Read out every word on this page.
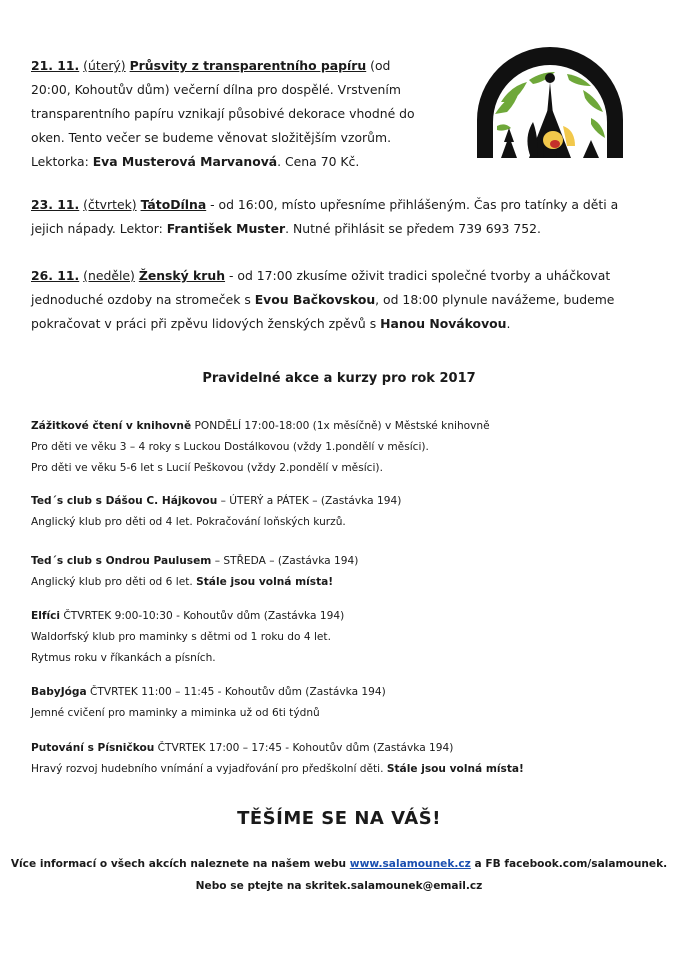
21. 11. (úterý) Průsvity z transparentního papíru (od 20:00, Kohoutův dům) večerní dílna pro dospělé. Vrstvením transparentního papíru vznikají působivé dekorace vhodné do oken. Tento večer se budeme věnovat složitějším vzorům. Lektorka: Eva Musterová Marvanová. Cena 70 Kč.
23. 11. (čtvrtek) TátoDílna - od 16:00, místo upřesníme přihlášeným. Čas pro tatínky a děti a jejich nápady. Lektor: František Muster. Nutné přihlásit se předem 739 693 752.
26. 11. (neděle) Ženský kruh - od 17:00 zkusíme oživit tradici společné tvorby a uháčkovat jednoduché ozdoby na stromeček s Evou Bačkovskou, od 18:00 plynule navážeme, budeme pokračovat v práci při zpěvu lidových ženských zpěvů s Hanou Novákovou.
Pravidelné akce a kurzy pro rok 2017
Zážitkové čtení v knihovně PONDĚLÍ 17:00-18:00 (1x měsíčně) v Městské knihovně
Pro děti ve věku 3 – 4 roky s Luckou Dostálkovou (vždy 1.pondělí v měsíci).
Pro děti ve věku 5-6 let s Lucií Peškovou (vždy 2.pondělí v měsíci).
Ted´s club s Dášou C. Hájkovou – ÚTERÝ a PÁTEK – (Zastávka 194)
Anglický klub pro děti od 4 let. Pokračování loňských kurzů.
Ted´s club s Ondrou Paulusem – STŘEDA – (Zastávka 194)
Anglický klub pro děti od 6 let. Stále jsou volná místa!
Elfíci ČTVRTEK 9:00-10:30 - Kohoutův dům (Zastávka 194)
Waldorfský klub pro maminky s dětmi od 1 roku do 4 let.
Rytmus roku v říkankách a písních.
BabyJóga ČTVRTEK 11:00 – 11:45 - Kohoutův dům (Zastávka 194)
Jemné cvičení pro maminky a miminka už od 6ti týdnů
Putování s Písničkou ČTVRTEK 17:00 – 17:45 - Kohoutův dům (Zastávka 194)
Hravý rozvoj hudebního vnímání a vyjadřování pro předškolní děti. Stále jsou volná místa!
TĚŠÍME SE NA VÁŠ!
Více informací o všech akcích naleznete na našem webu www.salamounek.cz a FB facebook.com/salamounek.
Nebo se ptejte na skritek.salamounek@email.cz
